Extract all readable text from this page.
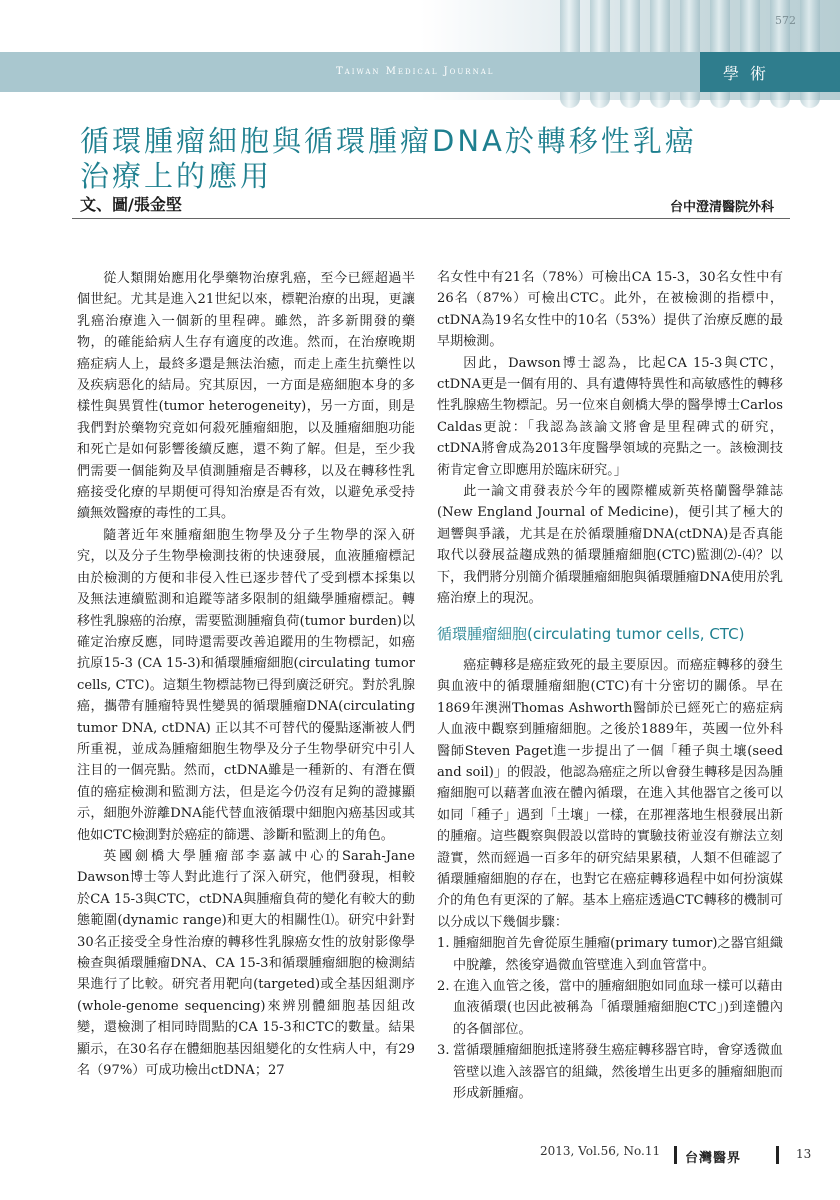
572
Taiwan Medical Journal	學 術
循環腫瘤細胞與循環腫瘤DNA於轉移性乳癌
治療上的應用
文、圖/張金堅	台中澄清醫院外科

從人類開始應用化學藥物治療乳癌，至今已經超過半個世紀。尤其是進入21世紀以來，標靶治療的出現，更讓乳癌治療進入一個新的里程碑。雖然，許多新開發的藥物，的確能給病人生存有適度的改進。然而，在治療晚期癌症病人上，最終多還是無法治癒，而走上產生抗藥性以及疾病惡化的結局。究其原因，一方面是癌細胞本身的多樣性與異質性(tumor heterogeneity)，另一方面，則是我們對於藥物究竟如何殺死腫瘤細胞，以及腫瘤細胞功能和死亡是如何影響後續反應，還不夠了解。但是，至少我們需要一個能夠及早偵測腫瘤是否轉移，以及在轉移性乳癌接受化療的早期便可得知治療是否有效，以避免承受持續無效醫療的毒性的工具。

隨著近年來腫瘤細胞生物學及分子生物學的深入研究，以及分子生物學檢測技術的快速發展，血液腫瘤標記由於檢測的方便和非侵入性已逐步替代了受到標本採集以及無法連續監測和追蹤等諸多限制的組織學腫瘤標記。轉移性乳腺癌的治療，需要監測腫瘤負荷(tumor burden)以確定治療反應，同時還需要改善追蹤用的生物標記，如癌抗原15-3 (CA 15-3)和循環腫瘤細胞(circulating tumor cells, CTC)。這類生物標誌物已得到廣泛研究。對於乳腺癌，攜帶有腫瘤特異性變異的循環腫瘤DNA(circulating tumor DNA, ctDNA) 正以其不可替代的優點逐漸被人們所重視，並成為腫瘤細胞生物學及分子生物學研究中引人注目的一個亮點。然而，ctDNA雖是一種新的、有潛在價值的癌症檢測和監測方法，但是迄今仍沒有足夠的證據顯示，細胞外游離DNA能代替血液循環中細胞內癌基因或其他如CTC檢測對於癌症的篩選、診斷和監測上的角色。

英國劍橋大學腫瘤部李嘉誠中心的Sarah-Jane Dawson博士等人對此進行了深入研究，他們發現，相較於CA 15-3與CTC，ctDNA與腫瘤負荷的變化有較大的動態範圍(dynamic range)和更大的相關性⑴。研究中針對30名正接受全身性治療的轉移性乳腺癌女性的放射影像學檢查與循環腫瘤DNA、CA 15-3和循環腫瘤細胞的檢測結果進行了比較。研究者用靶向(targeted)或全基因組測序(whole-genome sequencing)來辨別體細胞基因組改變，還檢測了相同時間點的CA 15-3和CTC的數量。結果顯示，在30名存在體細胞基因組變化的女性病人中，有29名（97%）可成功檢出ctDNA；27

名女性中有21名（78%）可檢出CA 15-3，30名女性中有26名（87%）可檢出CTC。此外，在被檢測的指標中，ctDNA為19名女性中的10名（53%）提供了治療反應的最早期檢測。

因此，Dawson博士認為，比起CA 15-3與CTC，ctDNA更是一個有用的、具有遺傳特異性和高敏感性的轉移性乳腺癌生物標記。另一位來自劍橋大學的醫學博士Carlos Caldas更說：「我認為該論文將會是里程碑式的研究，ctDNA將會成為2013年度醫學領域的亮點之一。該檢測技術肯定會立即應用於臨床研究。」

此一論文甫發表於今年的國際權威新英格蘭醫學雜誌(New England Journal of Medicine)，便引其了極大的迴響與爭議，尤其是在於循環腫瘤DNA(ctDNA)是否真能取代以發展益趨成熟的循環腫瘤細胞(CTC)監測⑵-⑷？以下，我們將分別簡介循環腫瘤細胞與循環腫瘤DNA使用於乳癌治療上的現況。

循環腫瘤細胞(circulating tumor cells, CTC)

癌症轉移是癌症致死的最主要原因。而癌症轉移的發生與血液中的循環腫瘤細胞(CTC)有十分密切的關係。早在1869年澳洲Thomas Ashworth醫師於已經死亡的癌症病人血液中觀察到腫瘤細胞。之後於1889年，英國一位外科醫師Steven Paget進一步提出了一個「種子與土壤(seed and soil)」的假設，他認為癌症之所以會發生轉移是因為腫瘤細胞可以藉著血液在體內循環，在進入其他器官之後可以如同「種子」遇到「土壤」一樣，在那裡落地生根發展出新的腫瘤。這些觀察與假設以當時的實驗技術並沒有辦法立刻證實，然而經過一百多年的研究結果累積，人類不但確認了循環腫瘤細胞的存在，也對它在癌症轉移過程中如何扮演媒介的角色有更深的了解。基本上癌症透過CTC轉移的機制可以分成以下幾個步驟：

1. 腫瘤細胞首先會從原生腫瘤(primary tumor)之器官組織中脫離，然後穿過微血管壁進入到血管當中。
2. 在進入血管之後，當中的腫瘤細胞如同血球一樣可以藉由血液循環(也因此被稱為「循環腫瘤細胞CTC」)到達體內的各個部位。
3. 當循環腫瘤細胞抵達將發生癌症轉移器官時，會穿透微血管壁以進入該器官的組織，然後增生出更多的腫瘤細胞而形成新腫瘤。
2013, Vol.56, No.11 台灣醫界	13
